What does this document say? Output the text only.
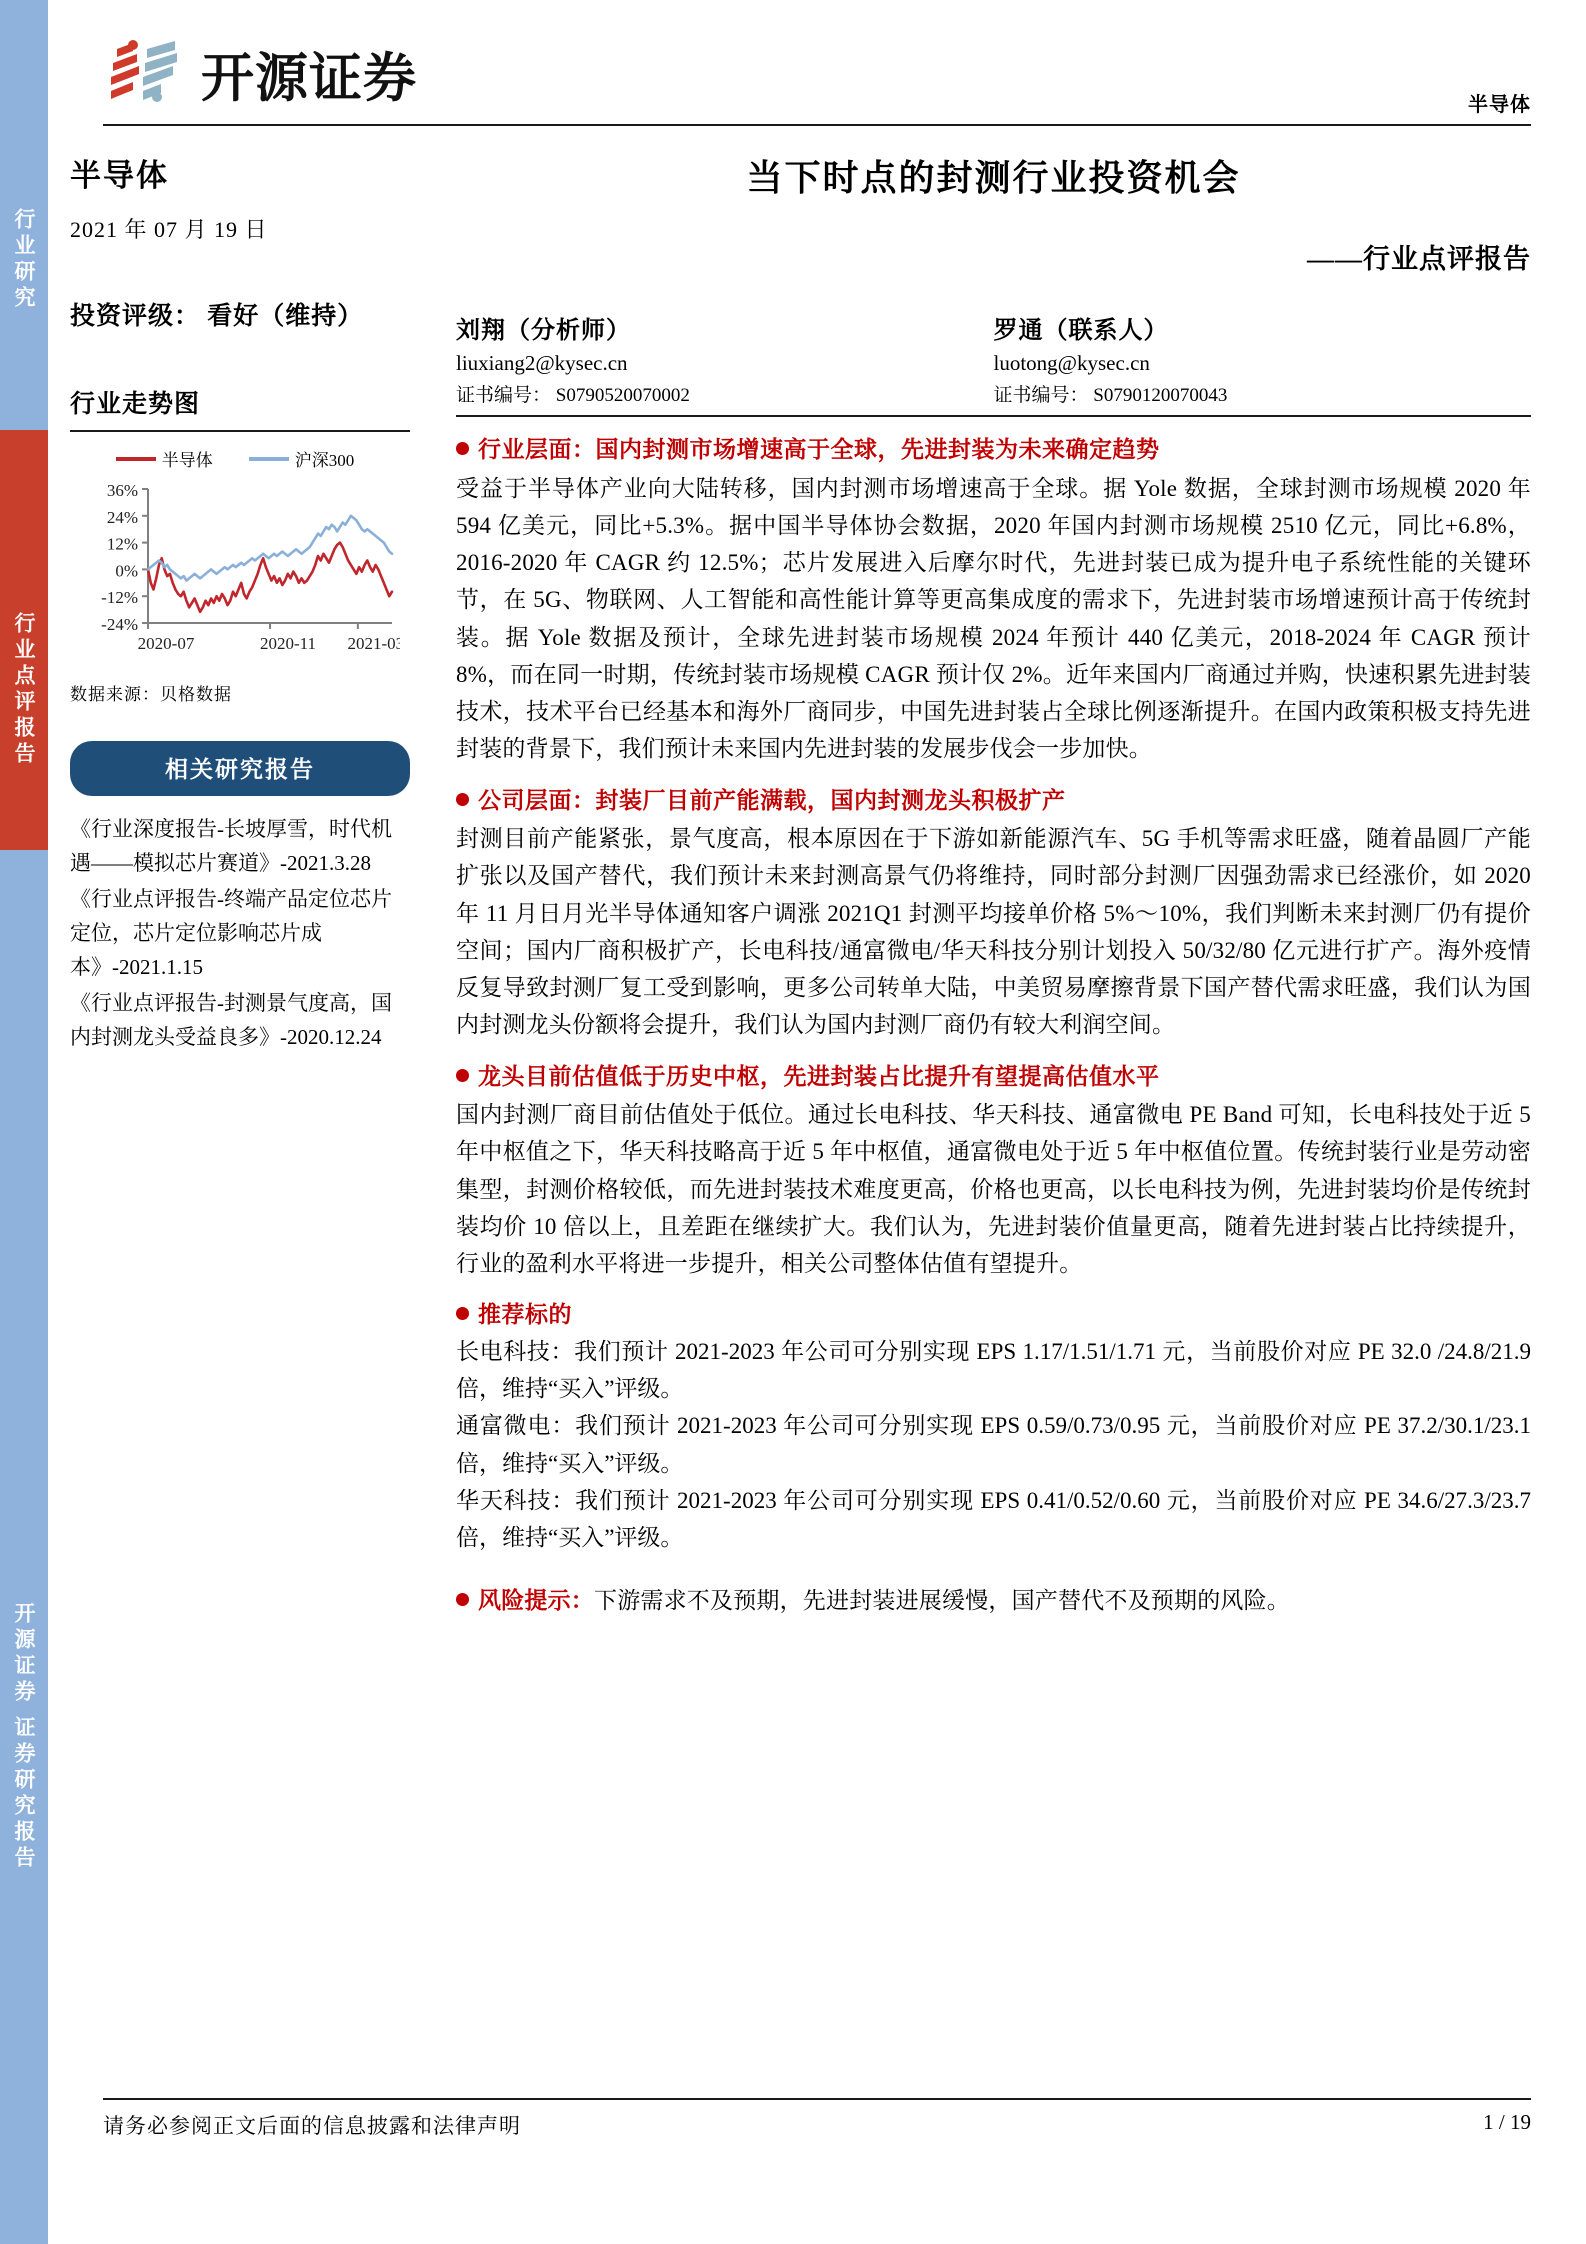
行业研究
行业点评报告
开源证券 证券研究报告
开源证券	半导体
半导体
2021 年 07 月 19 日
投资评级： 看好（维持）
行业走势图
半导体	沪深300
36%
24%
12%
0%
-12%
-24%
2020-07	2020-11 2021-03
数据来源：贝格数据
相关研究报告
《行业深度报告-长坡厚雪，时代机遇——模拟芯片赛道》-2021.3.28
《行业点评报告-终端产品定位芯片定位，芯片定位影响芯片成本》-2021.1.15
《行业点评报告-封测景气度高，国内封测龙头受益良多》-2020.12.24
当下时点的封测行业投资机会
——行业点评报告
刘翔（分析师）
liuxiang2@kysec.cn
证书编号： S0790520070002
罗通（联系人）
luotong@kysec.cn
证书编号： S0790120070043
行业层面：国内封测市场增速高于全球，先进封装为未来确定趋势
受益于半导体产业向大陆转移，国内封测市场增速高于全球。据 Yole 数据，全球封测市场规模 2020 年 594 亿美元，同比+5.3%。据中国半导体协会数据，2020 年国内封测市场规模 2510 亿元，同比+6.8%，2016-2020 年 CAGR 约 12.5%；芯片发展进入后摩尔时代，先进封装已成为提升电子系统性能的关键环节，在 5G、物联网、人工智能和高性能计算等更高集成度的需求下，先进封装市场增速预计高于传统封装。据 Yole 数据及预计，全球先进封装市场规模 2024 年预计 440 亿美元，2018-2024 年 CAGR 预计 8%，而在同一时期，传统封装市场规模 CAGR 预计仅 2%。近年来国内厂商通过并购，快速积累先进封装技术，技术平台已经基本和海外厂商同步，中国先进封装占全球比例逐渐提升。在国内政策积极支持先进封装的背景下，我们预计未来国内先进封装的发展步伐会一步加快。
公司层面：封装厂目前产能满载，国内封测龙头积极扩产
封测目前产能紧张，景气度高，根本原因在于下游如新能源汽车、5G 手机等需求旺盛，随着晶圆厂产能扩张以及国产替代，我们预计未来封测高景气仍将维持，同时部分封测厂因强劲需求已经涨价，如 2020 年 11 月日月光半导体通知客户调涨 2021Q1 封测平均接单价格 5%～10%，我们判断未来封测厂仍有提价空间；国内厂商积极扩产，长电科技/通富微电/华天科技分别计划投入 50/32/80 亿元进行扩产。海外疫情反复导致封测厂复工受到影响，更多公司转单大陆，中美贸易摩擦背景下国产替代需求旺盛，我们认为国内封测龙头份额将会提升，我们认为国内封测厂商仍有较大利润空间。
龙头目前估值低于历史中枢，先进封装占比提升有望提高估值水平
国内封测厂商目前估值处于低位。通过长电科技、华天科技、通富微电 PE Band 可知，长电科技处于近 5 年中枢值之下，华天科技略高于近 5 年中枢值，通富微电处于近 5 年中枢值位置。传统封装行业是劳动密集型，封测价格较低，而先进封装技术难度更高，价格也更高，以长电科技为例，先进封装均价是传统封装均价 10 倍以上，且差距在继续扩大。我们认为，先进封装价值量更高，随着先进封装占比持续提升，行业的盈利水平将进一步提升，相关公司整体估值有望提升。
推荐标的
长电科技：我们预计 2021-2023 年公司可分别实现 EPS 1.17/1.51/1.71 元，当前股价对应 PE 32.0 /24.8/21.9 倍，维持“买入”评级。
通富微电：我们预计 2021-2023 年公司可分别实现 EPS 0.59/0.73/0.95 元，当前股价对应 PE 37.2/30.1/23.1 倍，维持“买入”评级。
华天科技：我们预计 2021-2023 年公司可分别实现 EPS 0.41/0.52/0.60 元，当前股价对应 PE 34.6/27.3/23.7 倍，维持“买入”评级。
风险提示：下游需求不及预期，先进封装进展缓慢，国产替代不及预期的风险。
请务必参阅正文后面的信息披露和法律声明	1 / 19
